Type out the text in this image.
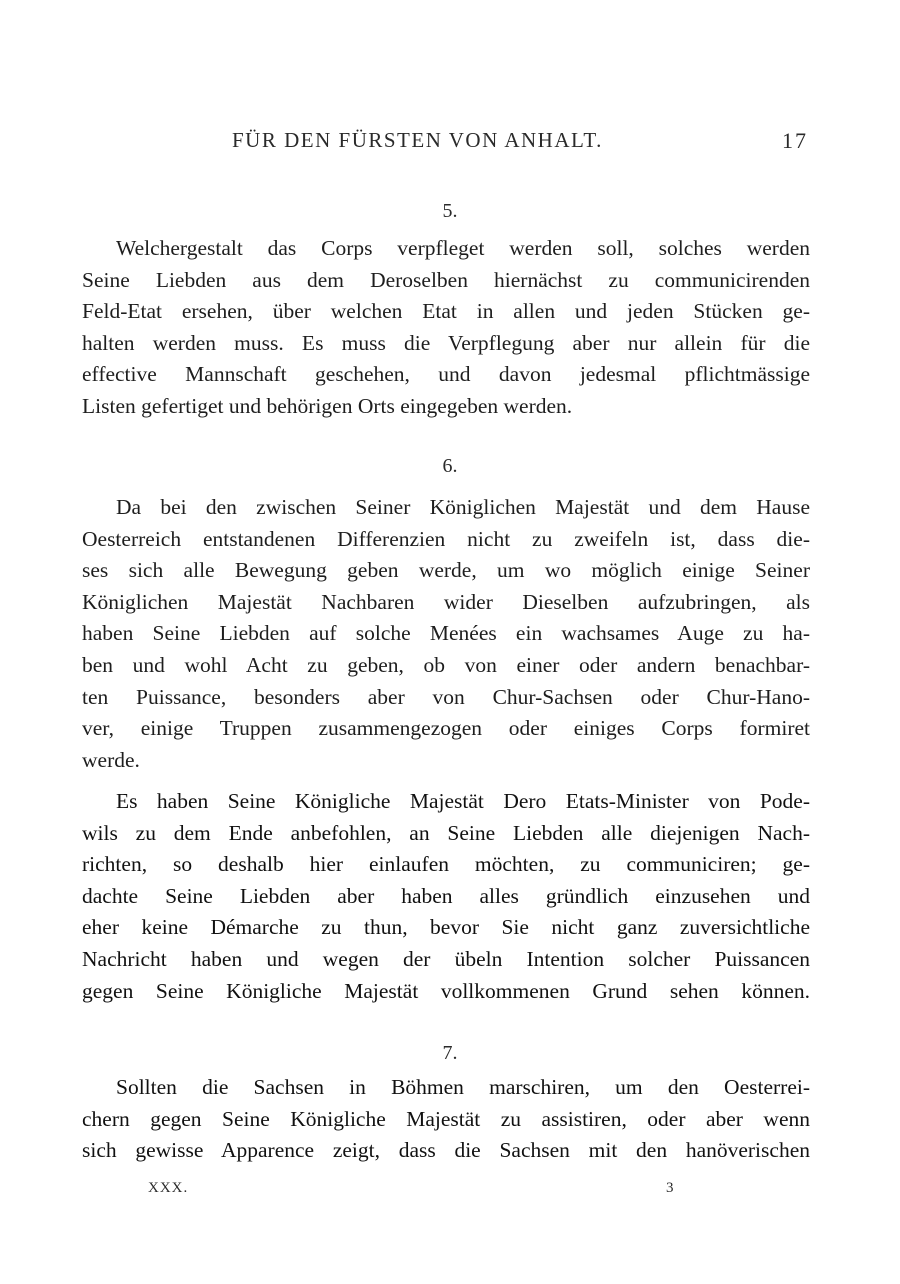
FÜR DEN FÜRSTEN VON ANHALT.	17
5.
Welchergestalt das Corps verpfleget werden soll, solches werden
Seine Liebden aus dem Deroselben hiernächst zu communicirenden
Feld-Etat ersehen, über welchen Etat in allen und jeden Stücken ge-
halten werden muss. Es muss die Verpflegung aber nur allein für die
effective Mannschaft geschehen, und davon jedesmal pflichtmässige
Listen gefertiget und behörigen Orts eingegeben werden.
6.
Da bei den zwischen Seiner Königlichen Majestät und dem Hause
Oesterreich entstandenen Differenzien nicht zu zweifeln ist, dass die-
ses sich alle Bewegung geben werde, um wo möglich einige Seiner
Königlichen Majestät Nachbaren wider Dieselben aufzubringen, als
haben Seine Liebden auf solche Menées ein wachsames Auge zu ha-
ben und wohl Acht zu geben, ob von einer oder andern benachbar-
ten Puissance, besonders aber von Chur-Sachsen oder Chur-Hano-
ver, einige Truppen zusammengezogen oder einiges Corps formiret
werde.
Es haben Seine Königliche Majestät Dero Etats-Minister von Pode-
wils zu dem Ende anbefohlen, an Seine Liebden alle diejenigen Nach-
richten, so deshalb hier einlaufen möchten, zu communiciren; ge-
dachte Seine Liebden aber haben alles gründlich einzusehen und
eher keine Démarche zu thun, bevor Sie nicht ganz zuversichtliche
Nachricht haben und wegen der übeln Intention solcher Puissancen
gegen Seine Königliche Majestät vollkommenen Grund sehen können.
7.
Sollten die Sachsen in Böhmen marschiren, um den Oesterrei-
chern gegen Seine Königliche Majestät zu assistiren, oder aber wenn
sich gewisse Apparence zeigt, dass die Sachsen mit den hanöverischen
XXX.	3
